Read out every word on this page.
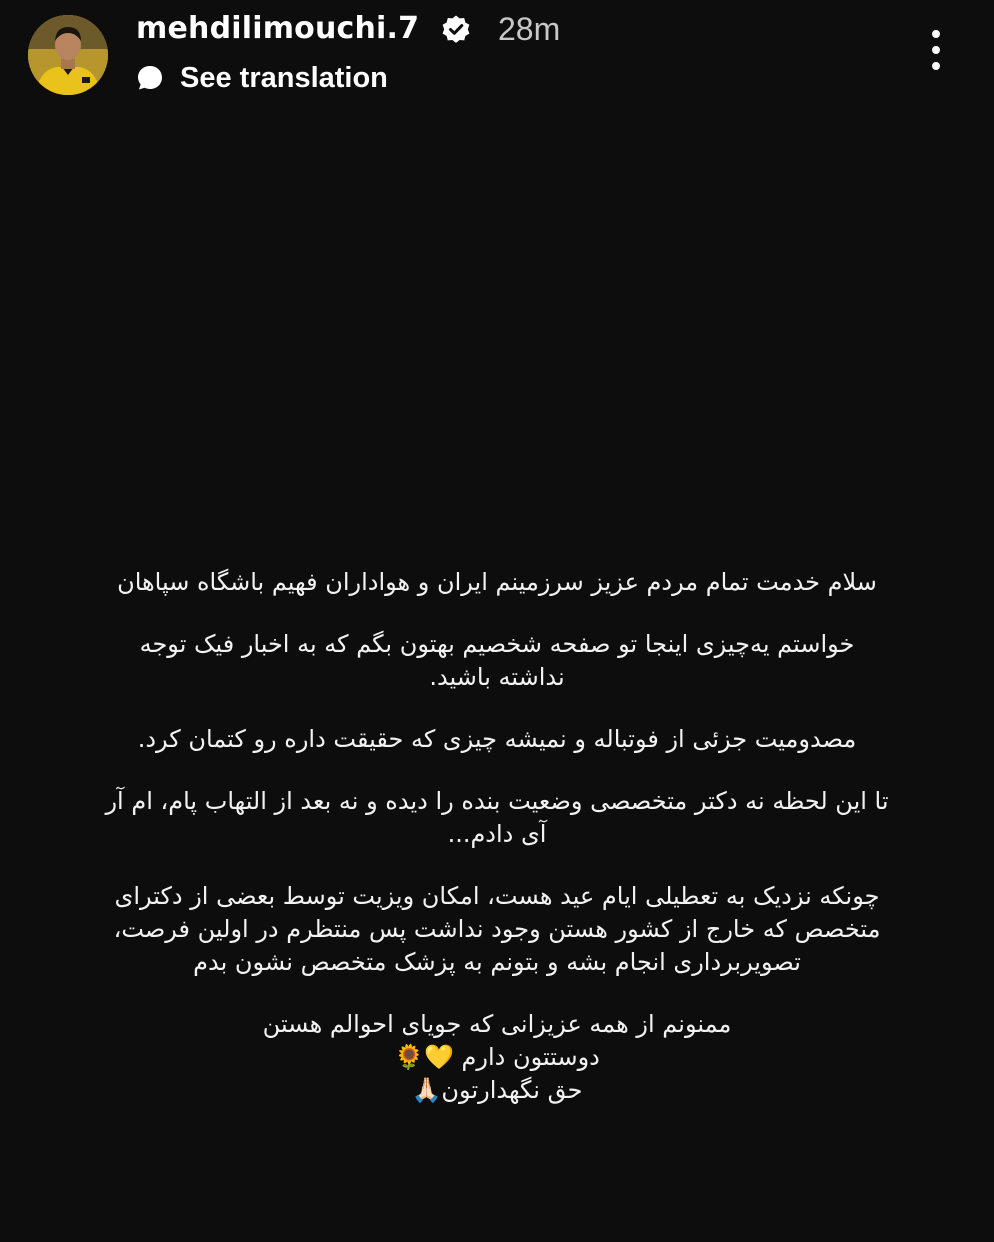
mehdilimouchi.7 28m
See translation

سلام خدمت تمام مردم عزیز سرزمینم ایران و هواداران فهیم باشگاه سپاهان

خواستم یه‌چیزی اینجا تو صفحه شخصیم بهتون بگم که به اخبار فیک توجه
نداشته باشید.

مصدومیت جزئی از فوتباله و نمیشه چیزی که حقیقت داره رو کتمان کرد.

تا این لحظه نه دکتر متخصصی وضعیت بنده را دیده و نه بعد از التهاب پام، ام آر
آی دادم...

چونکه نزدیک به تعطیلی ایام عید هست، امکان ویزیت توسط بعضی از دکترای
متخصص که خارج از کشور هستن وجود نداشت پس منتظرم در اولین فرصت،
تصویربرداری انجام بشه و بتونم به پزشک متخصص نشون بدم

ممنونم از همه عزیزانی که جویای احوالم هستن
دوستتون دارم 💛🌻
حق نگهدارتون🙏🏻
